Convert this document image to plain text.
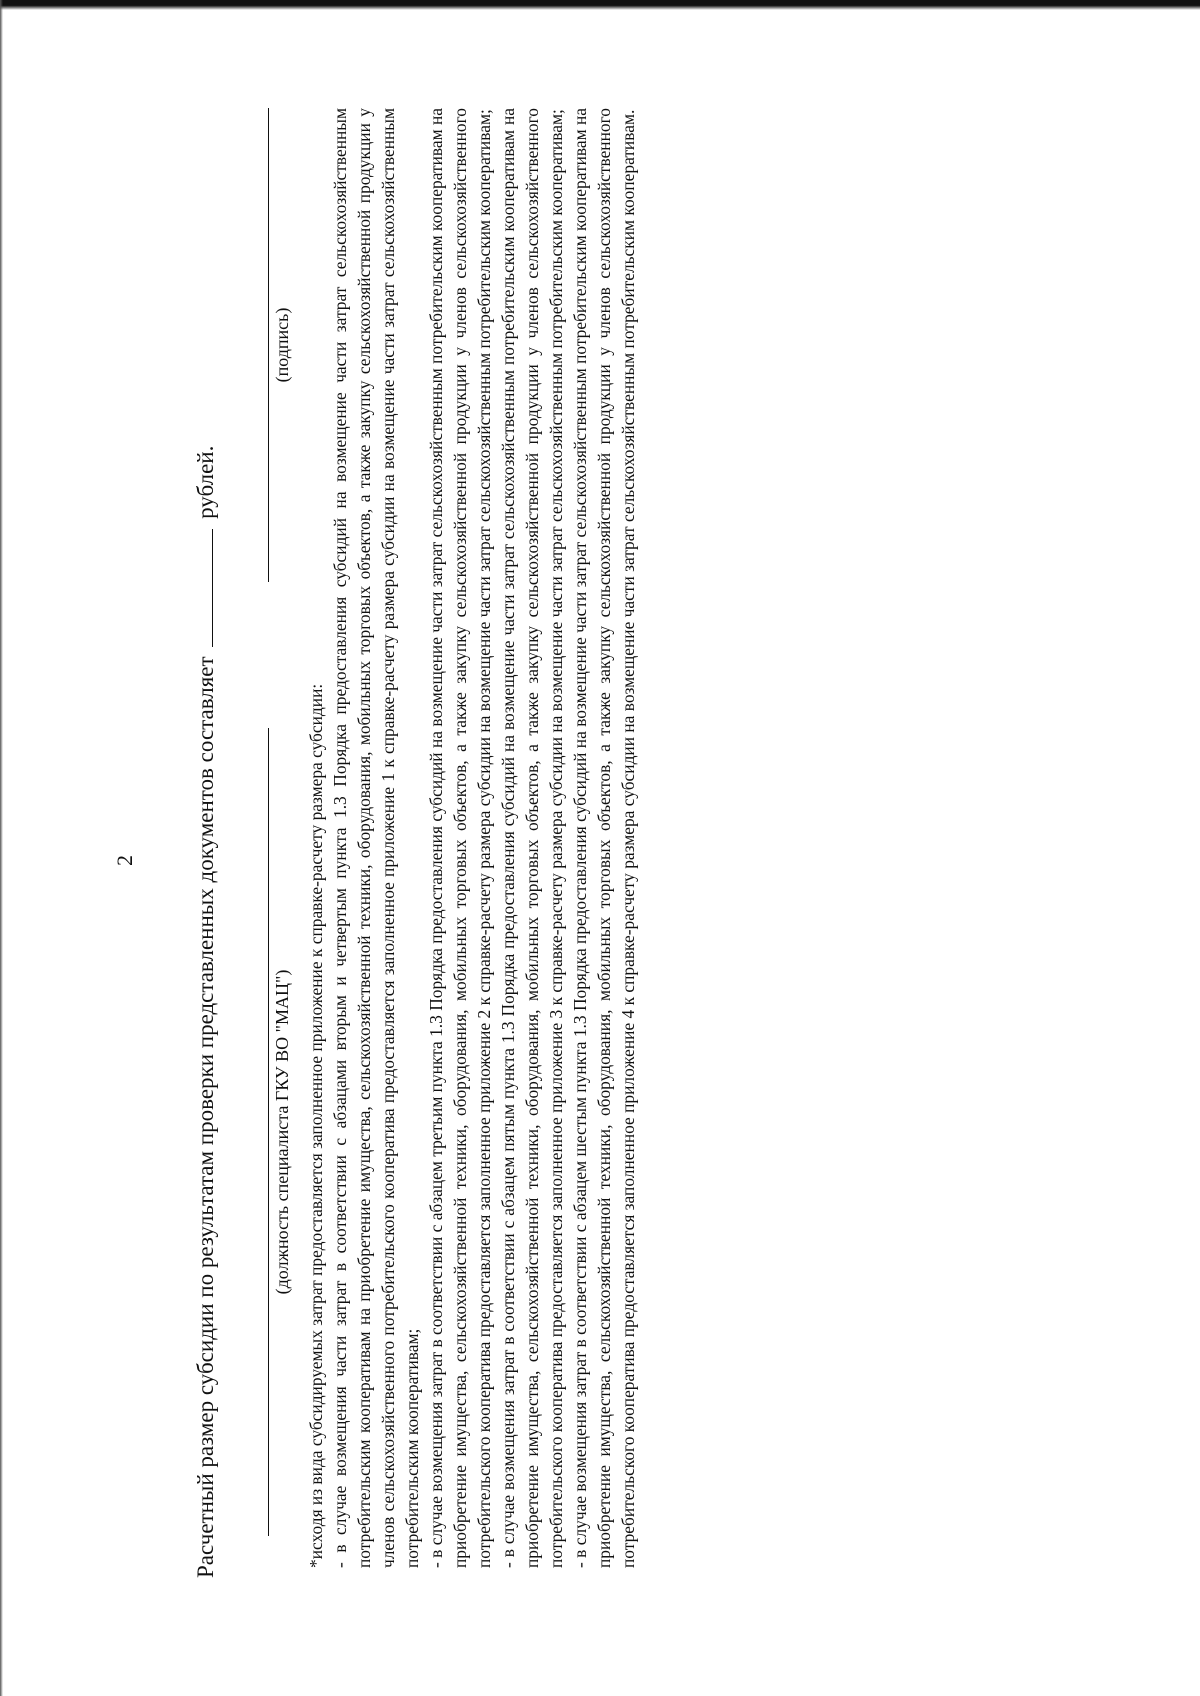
2 Расчетный размер субсидии по результатам проверки представленных документов составляет  рублей.
(должность специалиста ГКУ ВО "МАЦ")
(подпись)

*исходя из вида субсидируемых затрат предоставляется заполненное приложение к справке-расчету размера субсидии: - в случае возмещения части затрат в соответствии с абзацами вторым и четвертым пункта 1.3 Порядка предоставления субсидий на возмещение части затрат сельскохозяйственным потребительским кооперативам на приобретение имущества, сельскохозяйственной техники, оборудования, мобильных торговых объектов, а также закупку сельскохозяйственной продукции у членов сельскохозяйственного потребительского кооператива предоставляется заполненное приложение 1 к справке-расчету размера субсидии на возмещение части затрат сельскохозяйственным потребительским кооперативам; - в случае возмещения затрат в соответствии с абзацем третьим пункта 1.3 Порядка предоставления субсидий на возмещение части затрат сельскохозяйственным потребительским кооперативам на приобретение имущества, сельскохозяйственной техники, оборудования, мобильных торговых объектов, а также закупку сельскохозяйственной продукции у членов сельскохозяйственного потребительского кооператива предоставляется заполненное приложение 2 к справке-расчету размера субсидии на возмещение части затрат сельскохозяйственным потребительским кооперативам; - в случае возмещения затрат в соответствии с абзацем пятым пункта 1.3 Порядка предоставления субсидий на возмещение части затрат сельскохозяйственным потребительским кооперативам на приобретение имущества, сельскохозяйственной техники, оборудования, мобильных торговых объектов, а также закупку сельскохозяйственной продукции у членов сельскохозяйственного потребительского кооператива предоставляется заполненное приложение 3 к справке-расчету размера субсидии на возмещение части затрат сельскохозяйственным потребительским кооперативам; - в случае возмещения затрат в соответствии с абзацем шестым пункта 1.3 Порядка предоставления субсидий на возмещение части затрат сельскохозяйственным потребительским кооперативам на приобретение имущества, сельскохозяйственной техники, оборудования, мобильных торговых объектов, а также закупку сельскохозяйственной продукции у членов сельскохозяйственного потребительского кооператива предоставляется заполненное приложение 4 к справке-расчету размера субсидии на возмещение части затрат сельскохозяйственным потребительским кооперативам.
